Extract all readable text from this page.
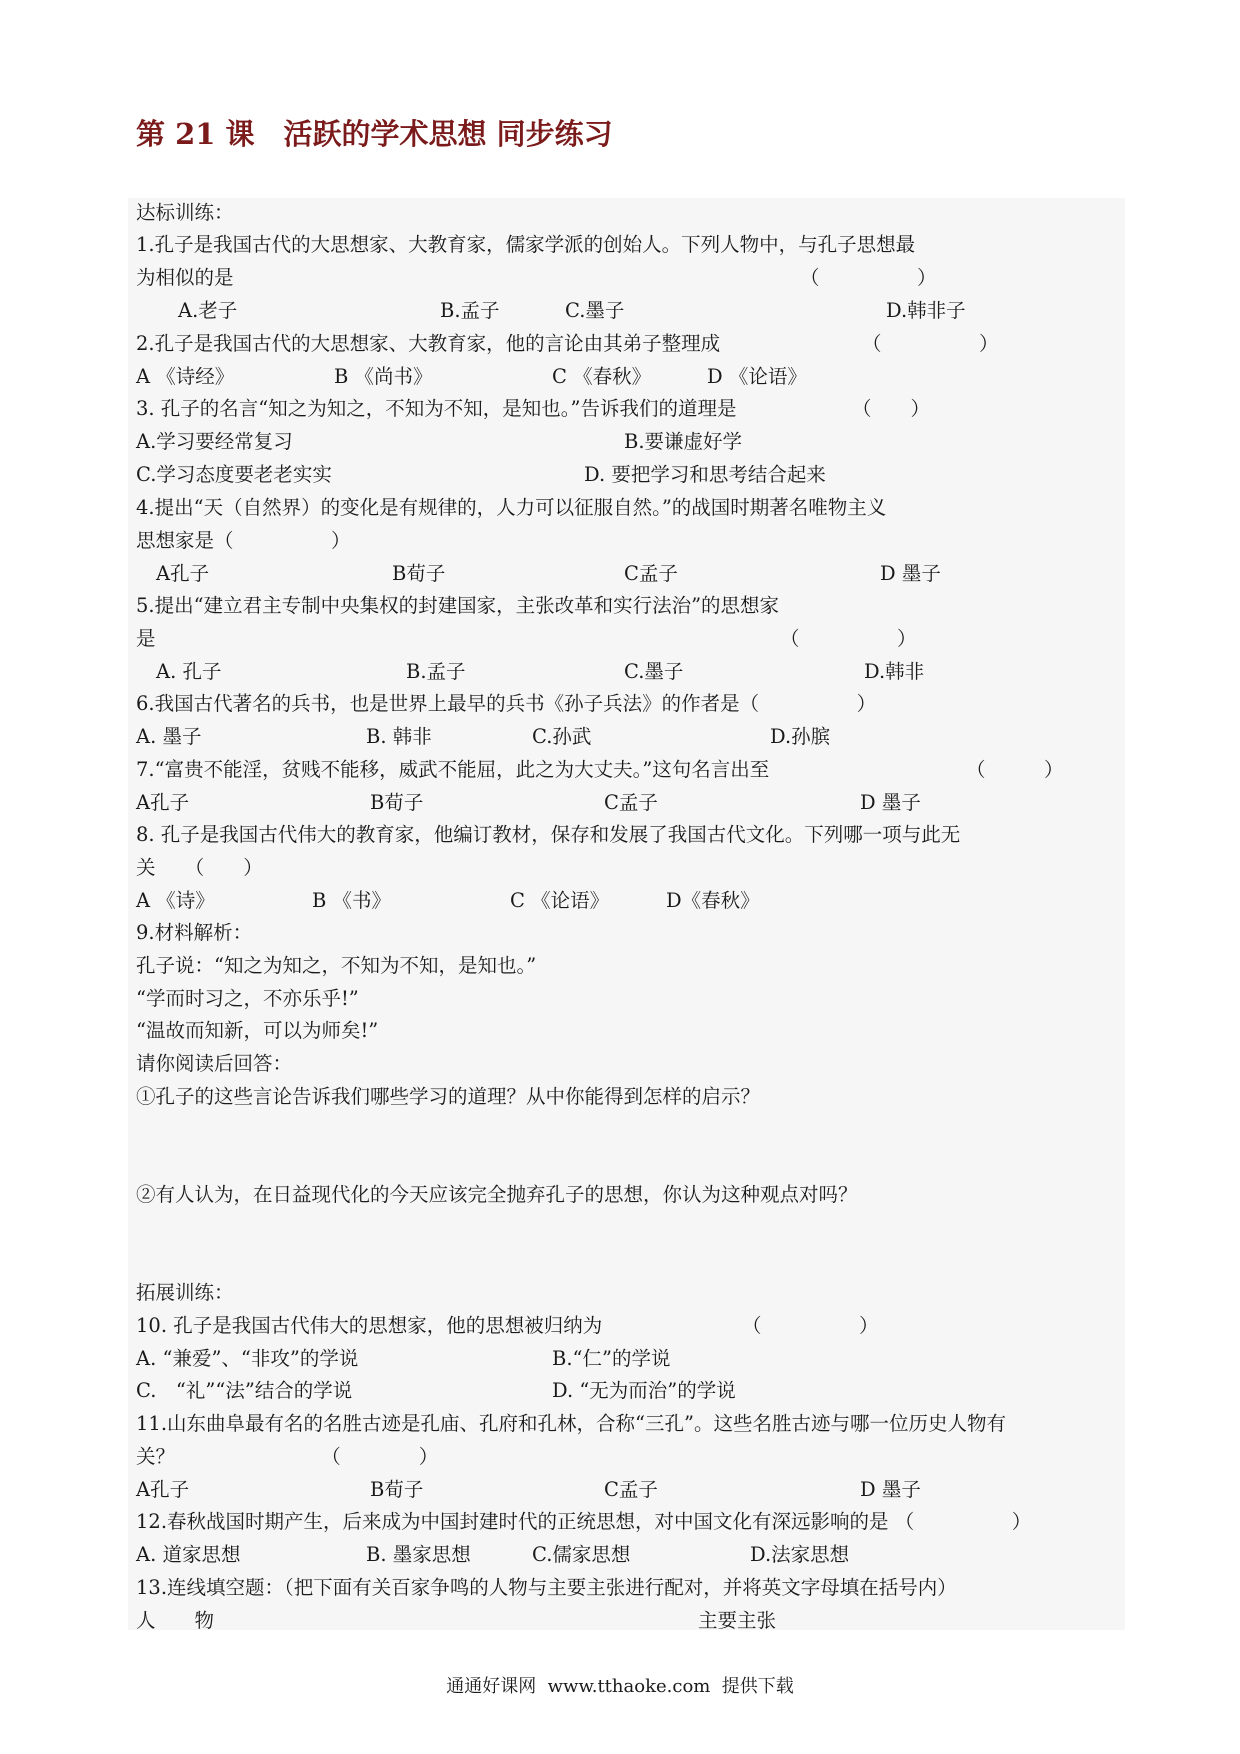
第 21 课　活跃的学术思想 同步练习
达标训练：
1.孔子是我国古代的大思想家、大教育家，儒家学派的创始人。下列人物中，与孔子思想最
为相似的是	（　　　　　）
A.老子	B.孟子	C.墨子	D.韩非子
2.孔子是我国古代的大思想家、大教育家，他的言论由其弟子整理成	（　　　　　）
A 《诗经》	B 《尚书》	C 《春秋》	D 《论语》
3. 孔子的名言“知之为知之，不知为不知，是知也。”告诉我们的道理是	（　　）
A.学习要经常复习	B.要谦虚好学
C.学习态度要老老实实	D. 要把学习和思考结合起来
4.提出“天（自然界）的变化是有规律的，人力可以征服自然。”的战国时期著名唯物主义
思想家是（　　　　　）
A孔子	B荀子	C孟子	D 墨子
5.提出“建立君主专制中央集权的封建国家，主张改革和实行法治”的思想家
是	（　　　　　）
A. 孔子	B.孟子	C.墨子	D.韩非
6.我国古代著名的兵书，也是世界上最早的兵书《孙子兵法》的作者是（　　　　　）
A. 墨子	B. 韩非	C.孙武	D.孙膑
7.“富贵不能淫，贫贱不能移，威武不能屈，此之为大丈夫。”这句名言出至	（　　　）
A孔子	B荀子	C孟子	D 墨子
8. 孔子是我国古代伟大的教育家，他编订教材，保存和发展了我国古代文化。下列哪一项与此无
关　　（　　）
A 《诗》	B 《书》	C 《论语》	D《春秋》
9.材料解析：
孔子说：“知之为知之，不知为不知，是知也。”
“学而时习之，不亦乐乎!”
“温故而知新，可以为师矣!”
请你阅读后回答：
①孔子的这些言论告诉我们哪些学习的道理？从中你能得到怎样的启示？
②有人认为，在日益现代化的今天应该完全抛弃孔子的思想，你认为这种观点对吗？
拓展训练：
10. 孔子是我国古代伟大的思想家，他的思想被归纳为	（　　　　　）
A. “兼爱”、“非攻”的学说	B.“仁”的学说
C.　“礼”“法”结合的学说	D. “无为而治”的学说
11.山东曲阜最有名的名胜古迹是孔庙、孔府和孔林，合称“三孔”。这些名胜古迹与哪一位历史人物有
关？　　　　　　　　（　　　　）
A孔子	B荀子	C孟子	D 墨子
12.春秋战国时期产生，后来成为中国封建时代的正统思想，对中国文化有深远影响的是 （　　　　　）
A. 道家思想	B. 墨家思想	C.儒家思想	D.法家思想
13.连线填空题：（把下面有关百家争鸣的人物与主要主张进行配对，并将英文字母填在括号内）
人　　物	主要主张
通通好课网  www.tthaoke.com  提供下载
